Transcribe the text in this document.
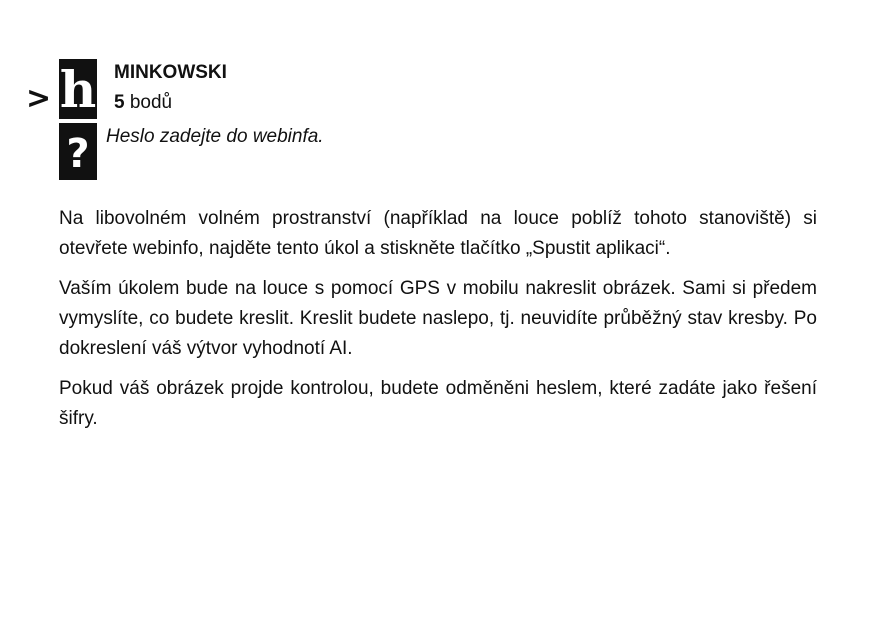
> h
?
MINKOWSKI
5 bodů
Heslo zadejte do webinfa.

Na libovolném volném prostranství (například na louce poblíž tohoto stanoviště) si otevřete webinfo, najděte tento úkol a stiskněte tlačítko „Spustit aplikaci“.

Vaším úkolem bude na louce s pomocí GPS v mobilu nakreslit obrázek. Sami si předem vymyslíte, co budete kreslit. Kreslit budete naslepo, tj. neuvidíte průběžný stav kresby. Po dokreslení váš výtvor vyhodnotí AI.

Pokud váš obrázek projde kontrolou, budete odměněni heslem, které zadáte jako řešení šifry.
